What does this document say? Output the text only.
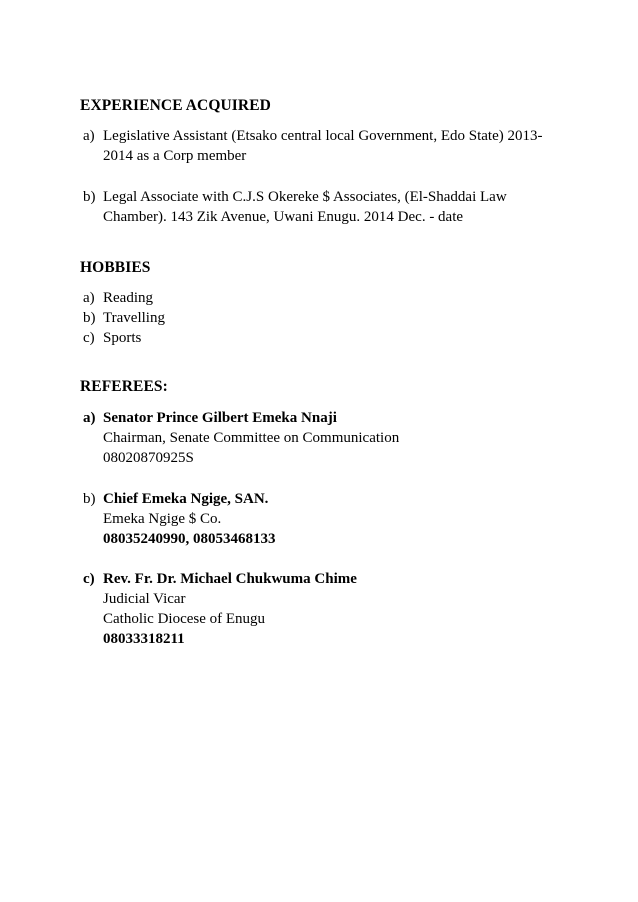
EXPERIENCE ACQUIRED
a) Legislative Assistant (Etsako central local Government, Edo State) 2013-
2014 as a Corp member
b) Legal Associate with C.J.S Okereke $ Associates, (El-Shaddai Law
Chamber). 143 Zik Avenue, Uwani Enugu. 2014 Dec. - date
HOBBIES
a) Reading
b) Travelling
c) Sports
REFEREES:
a) Senator Prince Gilbert Emeka Nnaji
Chairman, Senate Committee on Communication
08020870925S
b) Chief Emeka Ngige, SAN.
Emeka Ngige $ Co.
08035240990, 08053468133
c) Rev. Fr. Dr. Michael Chukwuma Chime
Judicial Vicar
Catholic Diocese of Enugu
08033318211
